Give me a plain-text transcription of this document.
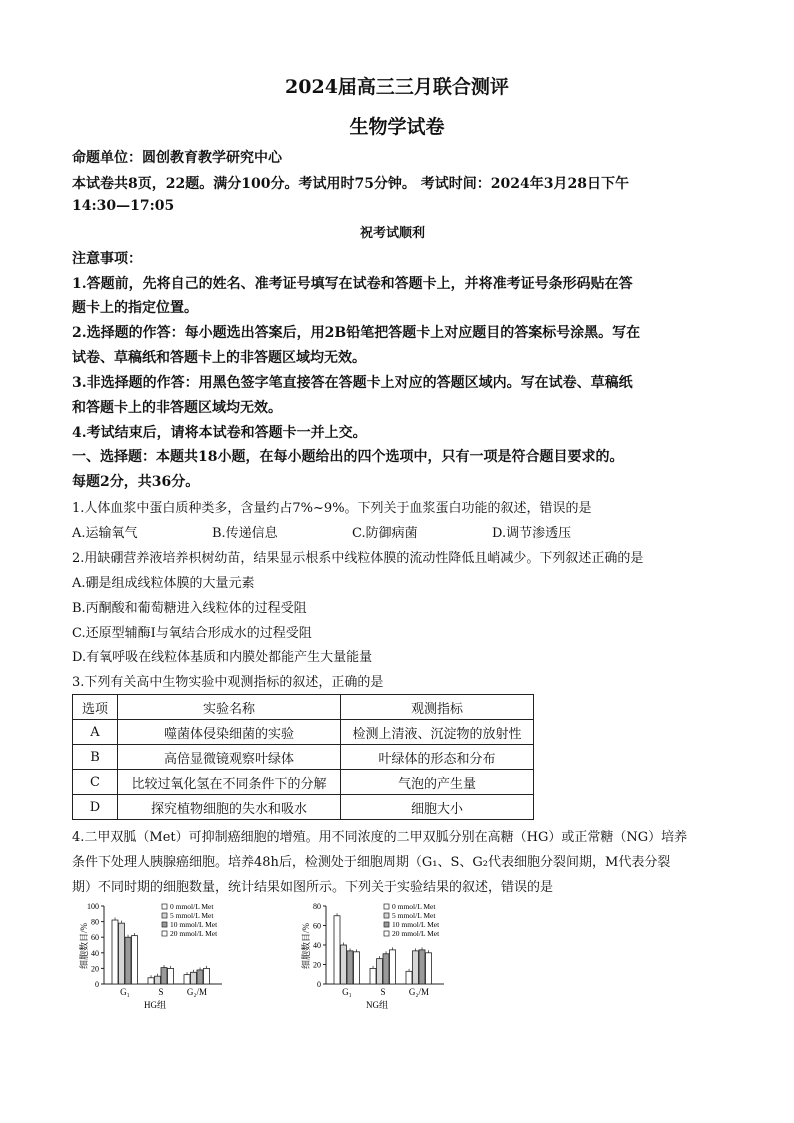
2024届高三三月联合测评
生物学试卷
命题单位：圆创教育教学研究中心
本试卷共8页，22题。满分100分。考试用时75分钟。 考试时间：2024年3月28日下午
14:30—17:05
祝考试顺利
注意事项：
1.答题前，先将自己的姓名、准考证号填写在试卷和答题卡上，并将准考证号条形码贴在答
题卡上的指定位置。
2.选择题的作答：每小题选出答案后，用2B铅笔把答题卡上对应题目的答案标号涂黑。写在
试卷、草稿纸和答题卡上的非答题区域均无效。
3.非选择题的作答：用黑色签字笔直接答在答题卡上对应的答题区域内。写在试卷、草稿纸
和答题卡上的非答题区域均无效。
4.考试结束后，请将本试卷和答题卡一并上交。
一、选择题：本题共18小题，在每小题给出的四个选项中，只有一项是符合题目要求的。
每题2分，共36分。
1.人体血浆中蛋白质种类多，含量约占7%~9%。下列关于血浆蛋白功能的叙述，错误的是
A.运输氧气	B.传递信息	C.防御病菌	D.调节渗透压
2.用缺硼营养液培养枳树幼苗，结果显示根系中线粒体膜的流动性降低且峭减少。下列叙述正确的是
A.硼是组成线粒体膜的大量元素
B.丙酮酸和葡萄糖进入线粒体的过程受阻
C.还原型辅酶Ⅰ与氧结合形成水的过程受阻
D.有氧呼吸在线粒体基质和内膜处都能产生大量能量
3.下列有关高中生物实验中观测指标的叙述，正确的是
选项	实验名称	观测指标
A	噬菌体侵染细菌的实验	检测上清液、沉淀物的放射性
B	高倍显微镜观察叶绿体	叶绿体的形态和分布
C	比较过氧化氢在不同条件下的分解	气泡的产生量
D	探究植物细胞的失水和吸水	细胞大小
4.二甲双胍（Met）可抑制癌细胞的增殖。用不同浓度的二甲双胍分别在高糖（HG）或正常糖（NG）培养
条件下处理人胰腺癌细胞。培养48h后，检测处于细胞周期（G₁、S、G₂代表细胞分裂间期，M代表分裂
期）不同时期的细胞数量，统计结果如图所示。下列关于实验结果的叙述，错误的是
细胞数目/%
0
20
40
60
80
100
G₁	S	G₂/M
HG组
0 mmol/L Met
5 mmol/L Met
10 mmol/L Met
20 mmol/L Met	细胞数目/%
0
20
40
60
80
G₁	S	G₂/M
NG组
0 mmol/L Met
5 mmol/L Met
10 mmol/L Met
20 mmol/L Met
